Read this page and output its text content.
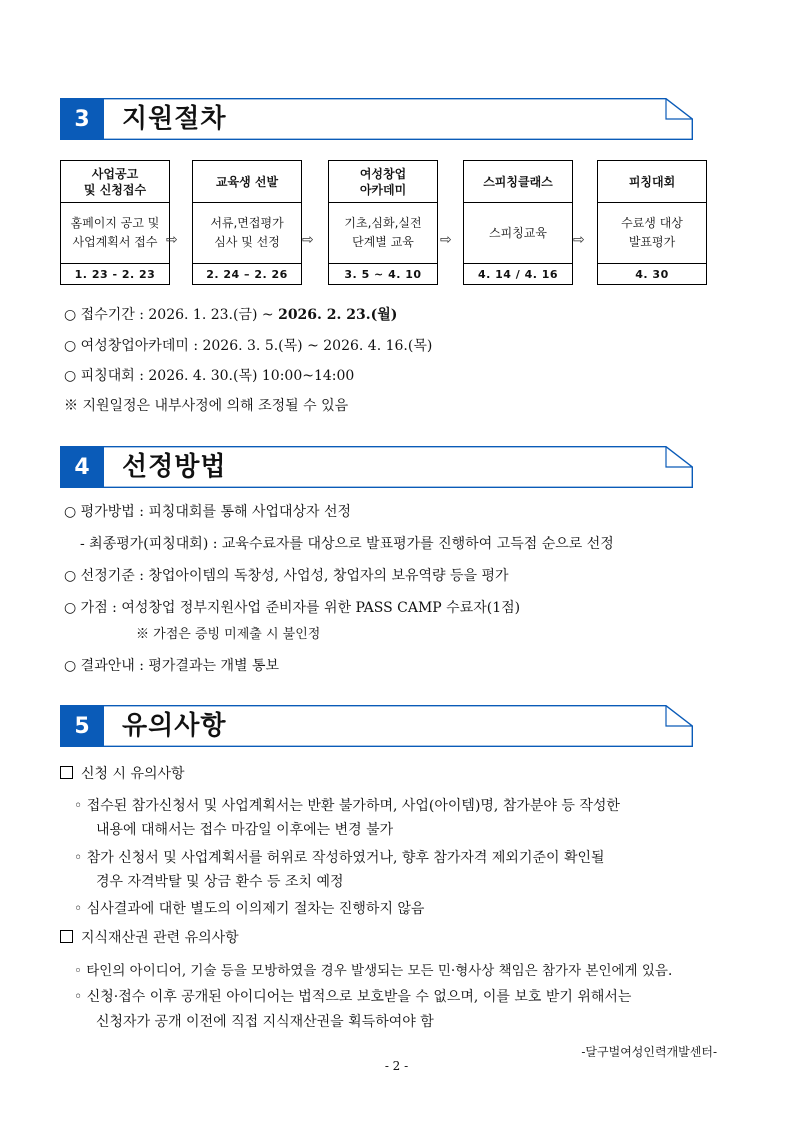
3	지원절차
사업공고
및 신청접수
홈페이지 공고 및
사업계획서 접수
1. 23 - 2. 23
⇨
교육생 선발
서류,면접평가
심사 및 선정
2. 24 – 2. 26
⇨
여성창업
아카데미
기초,심화,실전
단계별 교육
3. 5 ~ 4. 10
⇨
스피칭클래스
스피칭교육
4. 14 / 4. 16
⇨
피칭대회
수료생 대상
발표평가
4. 30
○ 접수기간 : 2026. 1. 23.(금) ~ 2026. 2. 23.(월)
○ 여성창업아카데미 : 2026. 3. 5.(목) ~ 2026. 4. 16.(목)
○ 피칭대회 : 2026. 4. 30.(목) 10:00~14:00
※ 지원일정은 내부사정에 의해 조정될 수 있음
4	선정방법
○ 평가방법 : 피칭대회를 통해 사업대상자 선정
- 최종평가(피칭대회) : 교육수료자를 대상으로 발표평가를 진행하여 고득점 순으로 선정
○ 선정기준 : 창업아이템의 독창성, 사업성, 창업자의 보유역량 등을 평가
○ 가점 : 여성창업 정부지원사업 준비자를 위한 PASS CAMP 수료자(1점)
※ 가점은 증빙 미제출 시 불인정
○ 결과안내 : 평가결과는 개별 통보
5	유의사항
신청 시 유의사항
◦ 접수된 참가신청서 및 사업계획서는 반환 불가하며, 사업(아이템)명, 참가분야 등 작성한
내용에 대해서는 접수 마감일 이후에는 변경 불가
◦ 참가 신청서 및 사업계획서를 허위로 작성하였거나, 향후 참가자격 제외기준이 확인될
경우 자격박탈 및 상금 환수 등 조치 예정
◦ 심사결과에 대한 별도의 이의제기 절차는 진행하지 않음
지식재산권 관련 유의사항
◦ 타인의 아이디어, 기술 등을 모방하였을 경우 발생되는 모든 민·형사상 책임은 참가자 본인에게 있음.
◦ 신청·접수 이후 공개된 아이디어는 법적으로 보호받을 수 없으며, 이를 보호 받기 위해서는
신청자가 공개 이전에 직접 지식재산권을 획득하여야 함
-달구벌여성인력개발센터-
- 2 -
